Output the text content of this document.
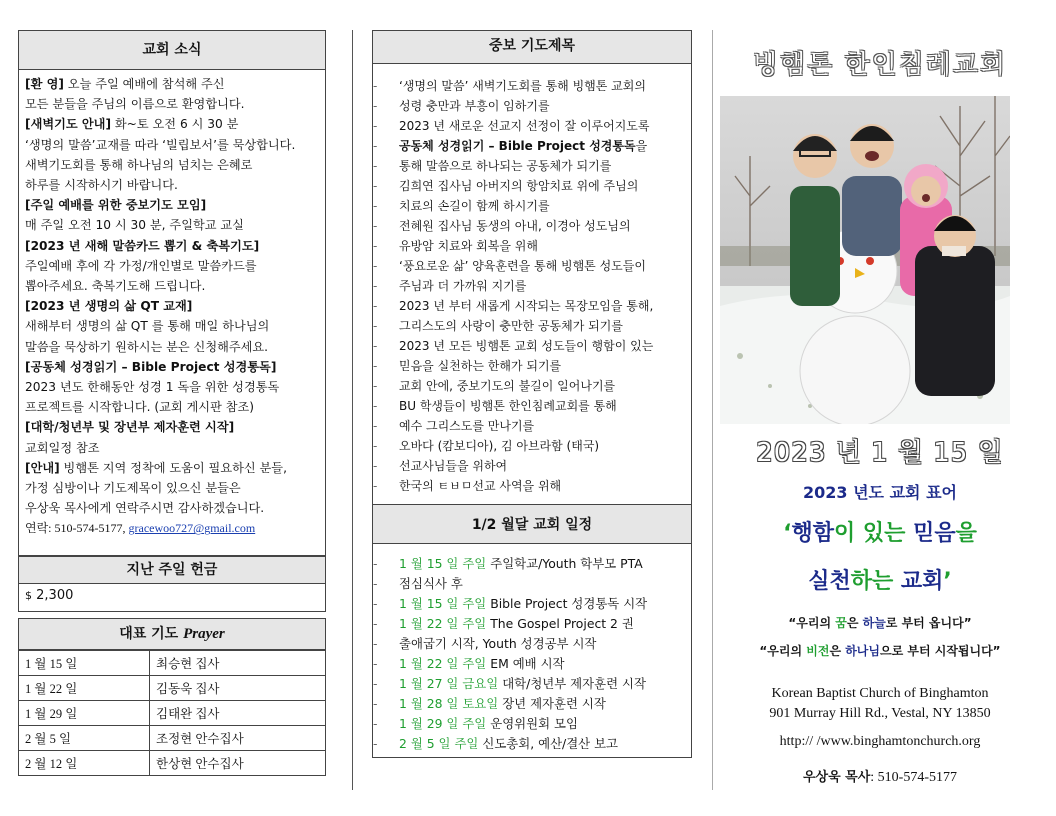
교회 소식

[환 영] 오늘 주일 예배에 참석해 주신

모든 분들을 주님의 이름으로 환영합니다.

[새벽기도 안내] 화~토 오전 6 시 30 분

‘생명의 말씀’교재를 따라 ‘빌립보서’를 묵상합니다.

새벽기도회를 통해 하나님의 넘치는 은혜로

하루를 시작하시기 바랍니다.

[주일 예배를 위한 중보기도 모임]

매 주일 오전 10 시 30 분, 주일학교 교실

[2023 년 새해 말씀카드 뽑기 & 축복기도]

주일예배 후에 각 가정/개인별로 말씀카드를

뽑아주세요. 축복기도해 드립니다.

[2023 년 생명의 삶 QT 교재]

새해부터 생명의 삶 QT 를 통해 매일 하나님의

말씀을 묵상하기 원하시는 분은 신청해주세요.

[공동체 성경읽기 – Bible Project 성경통독]

2023 년도 한해동안 성경 1 독을 위한 성경통독

프로젝트를 시작합니다. (교회 게시판 참조)

[대학/청년부 및 장년부 제자훈련 시작]

교회일정 참조

[안내] 빙햄톤 지역 정착에 도움이 필요하신 분들,

가정 심방이나 기도제목이 있으신 분들은

우상욱 목사에게 연락주시면 감사하겠습니다.

연락: 510-574-5177, gracewoo727@gmail.com

지난 주일 헌금
$ 2,300
대표 기도 Prayer
1 월 15 일	최승현 집사
1 월 22 일	김동욱 집사
1 월 29 일	김태완 집사
2 월 5 일	조정현 안수집사
2 월 12 일	한상현 안수집사
중보 기도제목
- ‘생명의 말씀’ 새벽기도회를 통해 빙햄톤 교회의
- 성령 충만과 부흥이 임하기를
- 2023 년 새로운 선교지 선정이 잘 이루어지도록
- 공동체 성경읽기 – Bible Project 성경통독을
- 통해 말씀으로 하나되는 공동체가 되기를
- 김희연 집사님 아버지의 항암치료 위에 주님의
- 치료의 손길이 함께 하시기를
- 전혜원 집사님 동생의 아내, 이경아 성도님의
- 유방암 치료와 회복을 위해
- ‘풍요로운 삶’ 양육훈련을 통해 빙햄톤 성도들이
- 주님과 더 가까워 지기를
- 2023 년 부터 새롭게 시작되는 목장모임을 통해,
- 그리스도의 사랑이 충만한 공동체가 되기를
- 2023 년 모든 빙햄톤 교회 성도들이 행함이 있는
- 믿음을 실천하는 한해가 되기를
- 교회 안에, 중보기도의 불길이 일어나기를
- BU 학생들이 빙햄톤 한인침례교회를 통해
- 예수 그리스도를 만나기를
- 오바다 (캄보디아), 김 아브라함 (태국)
- 선교사님들을 위하여
- 한국의 ㅌㅂㅁ선교 사역을 위해
1/2 월달 교회 일정
- 1 월 15 일 주일 주일학교/Youth 학부모 PTA
- 점심식사 후
- 1 월 15 일 주일 Bible Project 성경통독 시작
- 1 월 22 일 주일 The Gospel Project 2 권
- 출애굽기 시작, Youth 성경공부 시작
- 1 월 22 일 주일 EM 예배 시작
- 1 월 27 일 금요일 대학/청년부 제자훈련 시작
- 1 월 28 일 토요일 장년 제자훈련 시작
- 1 월 29 일 주일 운영위원회 모임
- 2 월 5 일 주일 신도총회, 예산/결산 보고
빙햄톤 한인침례교회
2023 년 1 월 15 일
2023 년도 교회 표어
‘행함이 있는 믿음을
실천하는 교회’
“우리의 꿈은 하늘로 부터 옵니다”
“우리의 비전은 하나님으로 부터 시작됩니다”
Korean Baptist Church of Binghamton
901 Murray Hill Rd., Vestal, NY 13850
http:// /www.binghamtonchurch.org
우상욱 목사: 510-574-5177
